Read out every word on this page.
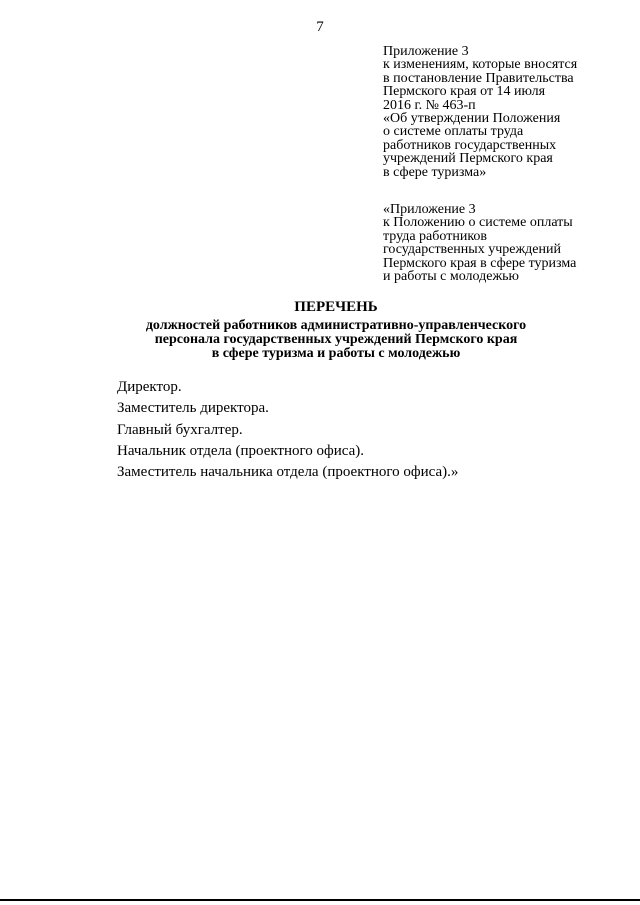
7
Приложение 3
к изменениям, которые вносятся
в постановление Правительства
Пермского края от 14 июля
2016 г. № 463-п
«Об утверждении Положения
о системе оплаты труда
работников государственных
учреждений Пермского края
в сфере туризма»
«Приложение 3
к Положению о системе оплаты
труда работников
государственных учреждений
Пермского края в сфере туризма
и работы с молодежью
ПЕРЕЧЕНЬ
должностей работников административно-управленческого
персонала государственных учреждений Пермского края
в сфере туризма и работы с молодежью
Директор.
Заместитель директора.
Главный бухгалтер.
Начальник отдела (проектного офиса).
Заместитель начальника отдела (проектного офиса).»
